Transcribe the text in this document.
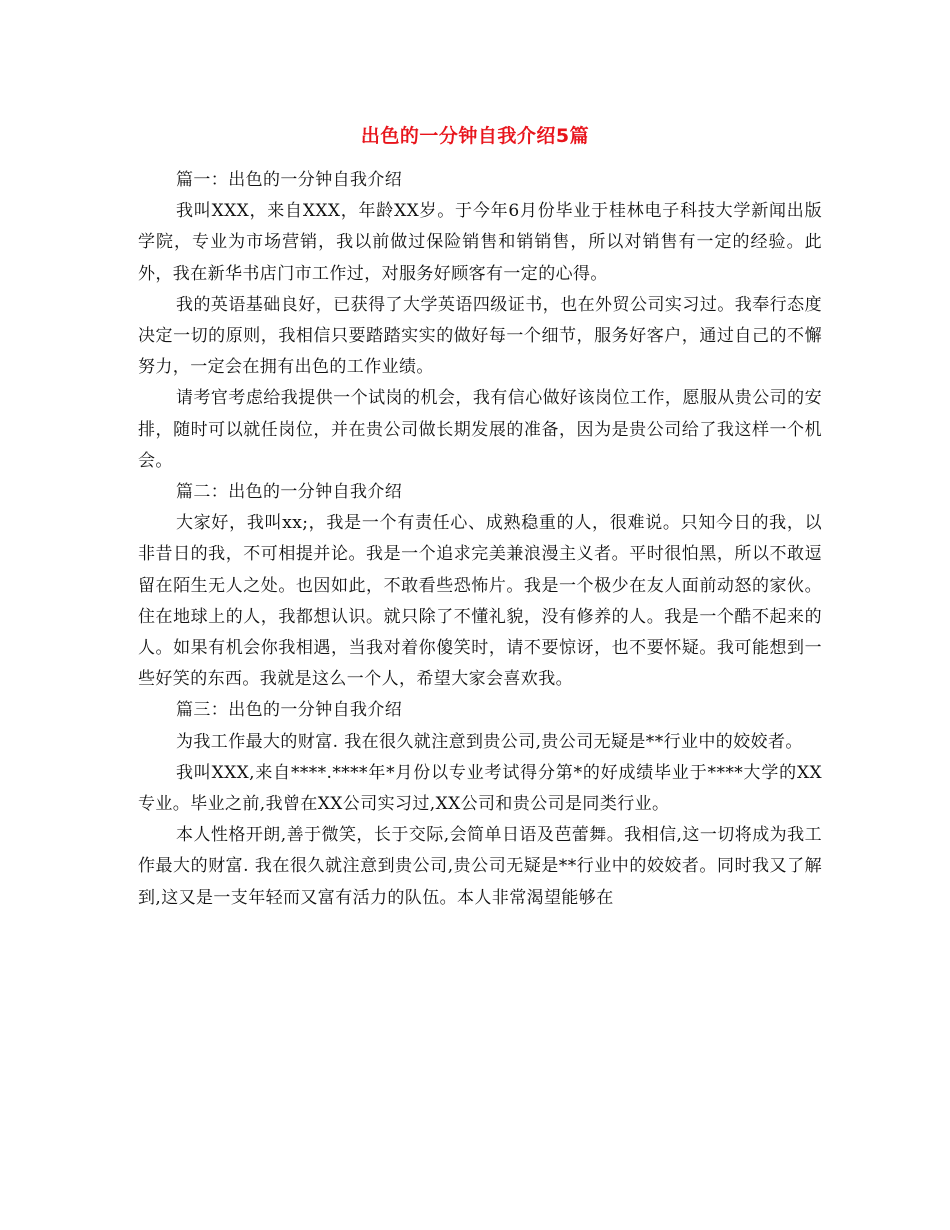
出色的一分钟自我介绍5篇

篇一：出色的一分钟自我介绍

我叫XXX，来自XXX，年龄XX岁。于今年6月份毕业于桂林电子科技大学新闻出版学院，专业为市场营销，我以前做过保险销售和销销售，所以对销售有一定的经验。此外，我在新华书店门市工作过，对服务好顾客有一定的心得。

我的英语基础良好，已获得了大学英语四级证书，也在外贸公司实习过。我奉行态度决定一切的原则，我相信只要踏踏实实的做好每一个细节，服务好客户，通过自己的不懈努力，一定会在拥有出色的工作业绩。

请考官考虑给我提供一个试岗的机会，我有信心做好该岗位工作，愿服从贵公司的安排，随时可以就任岗位，并在贵公司做长期发展的准备，因为是贵公司给了我这样一个机会。

篇二：出色的一分钟自我介绍

大家好，我叫xx;，我是一个有责任心、成熟稳重的人，很难说。只知今日的我，以非昔日的我，不可相提并论。我是一个追求完美兼浪漫主义者。平时很怕黑，所以不敢逗留在陌生无人之处。也因如此，不敢看些恐怖片。我是一个极少在友人面前动怒的家伙。住在地球上的人，我都想认识。就只除了不懂礼貌，没有修养的人。我是一个酷不起来的人。如果有机会你我相遇，当我对着你傻笑时，请不要惊讶，也不要怀疑。我可能想到一些好笑的东西。我就是这么一个人，希望大家会喜欢我。

篇三：出色的一分钟自我介绍

为我工作最大的财富. 我在很久就注意到贵公司,贵公司无疑是**行业中的姣姣者。

我叫XXX,来自****.****年*月份以专业考试得分第*的好成绩毕业于****大学的XX专业。毕业之前,我曾在XX公司实习过,XX公司和贵公司是同类行业。

本人性格开朗,善于微笑，长于交际,会简单日语及芭蕾舞。我相信,这一切将成为我工作最大的财富. 我在很久就注意到贵公司,贵公司无疑是**行业中的姣姣者。同时我又了解到,这又是一支年轻而又富有活力的队伍。本人非常渴望能够在
